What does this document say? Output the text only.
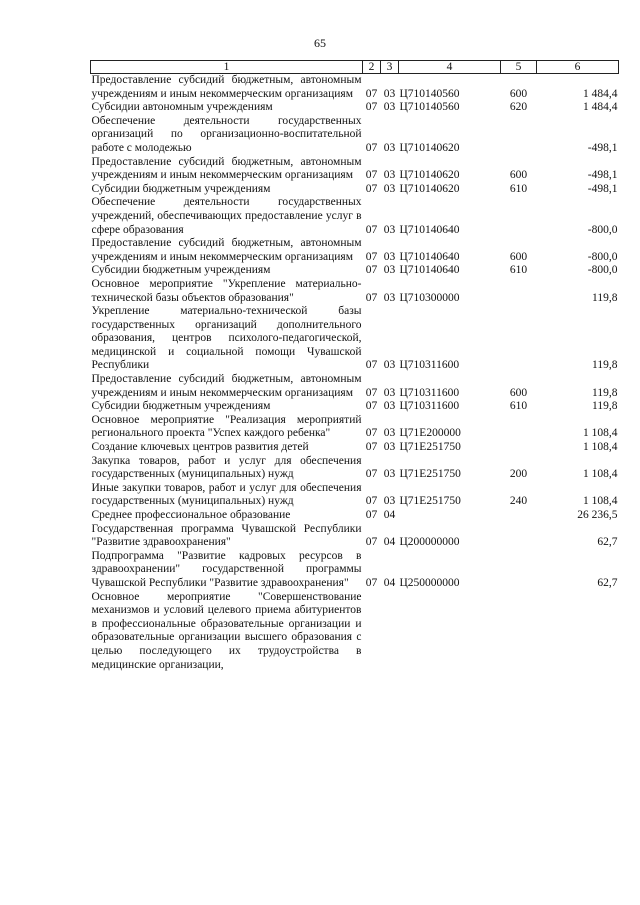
65
1	2	3	4	5	6
Предоставление субсидий бюджетным, автономным учреждениям и иным некоммерческим организациям	07	03	Ц710140560	600	1 484,4
Субсидии автономным учреждениям	07	03	Ц710140560	620	1 484,4
Обеспечение деятельности государственных организаций по организационно-воспитательной работе с молодежью	07	03	Ц710140620		-498,1
Предоставление субсидий бюджетным, автономным учреждениям и иным некоммерческим организациям	07	03	Ц710140620	600	-498,1
Субсидии бюджетным учреждениям	07	03	Ц710140620	610	-498,1
Обеспечение деятельности государственных учреждений, обеспечивающих предоставление услуг в сфере образования	07	03	Ц710140640		-800,0
Предоставление субсидий бюджетным, автономным учреждениям и иным некоммерческим организациям	07	03	Ц710140640	600	-800,0
Субсидии бюджетным учреждениям	07	03	Ц710140640	610	-800,0
Основное мероприятие "Укрепление материально-технической базы объектов образования"	07	03	Ц710300000		119,8
Укрепление материально-технической базы государственных организаций дополнительного образования, центров психолого-педагогической, медицинской и социальной помощи Чувашской Республики	07	03	Ц710311600		119,8
Предоставление субсидий бюджетным, автономным учреждениям и иным некоммерческим организациям	07	03	Ц710311600	600	119,8
Субсидии бюджетным учреждениям	07	03	Ц710311600	610	119,8
Основное мероприятие "Реализация мероприятий регионального проекта "Успех каждого ребенка"	07	03	Ц71Е200000		1 108,4
Создание ключевых центров развития детей	07	03	Ц71Е251750		1 108,4
Закупка товаров, работ и услуг для обеспечения государственных (муниципальных) нужд	07	03	Ц71Е251750	200	1 108,4
Иные закупки товаров, работ и услуг для обеспечения государственных (муниципальных) нужд	07	03	Ц71Е251750	240	1 108,4
Среднее профессиональное образование	07	04			26 236,5
Государственная программа Чувашской Республики "Развитие здравоохранения"	07	04	Ц200000000		62,7
Подпрограмма "Развитие кадровых ресурсов в здравоохранении" государственной программы Чувашской Республики "Развитие здравоохранения"	07	04	Ц250000000		62,7
Основное мероприятие "Совершенствование механизмов и условий целевого приема абитуриентов в профессиональные образовательные организации и образовательные организации высшего образования с целью последующего их трудоустройства в медицинские организации,					
